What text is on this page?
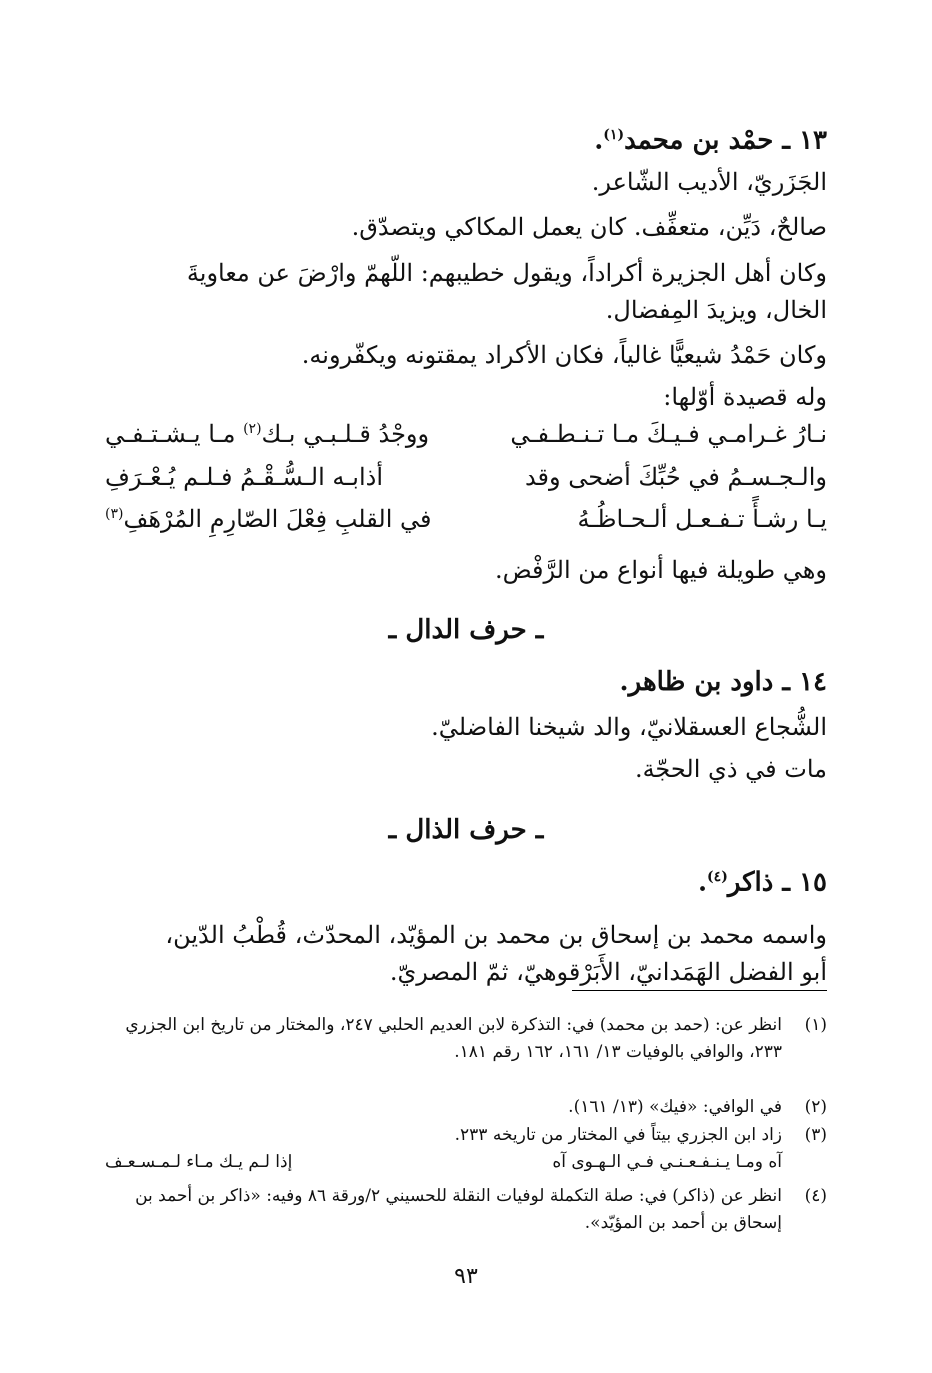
١٣ ـ حمْد بن محمد$^{(١)}$.
الجَزَريّ، الأديب الشّاعر.
صالحٌ، دَيِّن، متعفِّف. كان يعمل المكاكي ويتصدّق.
وكان أهل الجزيرة أكراداً، ويقول خطيبهم: اللّهمّ وارْضَ عن معاويةَ
الخال، ويزيدَ المِفضال.
وكان حَمْدُ شيعيًّا غالياً، فكان الأكراد يمقتونه ويكفّرونه.
وله قصيدة أوّلها:
نـارُ غـرامـي فـيـكَ مـا تـنـطـفـي
ووجْدُ قـلـبـي بـك$^{(٢)}$ مـا يـشـتـفـي
والـجـسـمُ في حُبِّكَ أضحى وقد
أذابـه الـسُّـقْـمُ فـلـم يُـعْـرَفِ
يـا رشـأً تـفـعـل ألـحـاظُـهُ
في القلبِ فِعْلَ الصّارِمِ المُرْهَفِ$^{(٣)}$
وهي طويلة فيها أنواع من الرَّفْض.
ـ حرف الدال ـ
١٤ ـ داود بن ظاهر.
الشُّجاع العسقلانيّ، والد شيخنا الفاضليّ.
مات في ذي الحجّة.
ـ حرف الذال ـ
١٥ ـ ذاكر$^{(٤)}$.
واسمه محمد بن إسحاق بن محمد بن المؤيّد، المحدّث، قُطْبُ الدّين،
أبو الفضل الهَمَدانيّ، الأَبَرْقوهيّ، ثمّ المصريّ.
(١)
انظر عن: (حمد بن محمد) في: التذكرة لابن العديم الحلبي ٢٤٧، والمختار من تاريخ ابن الجزري ٢٣٣، والوافي بالوفيات ١٣/ ١٦١، ١٦٢ رقم ١٨١.
(٢)
في الوافي: «فيك» (١٣/ ١٦١).
(٣)
زاد ابن الجزري بيتاً في المختار من تاريخه ٢٣٣.
آه ومـا يـنـفـعـنـي فـي الـهـوى آه
إذا لـم يـك مـاء لـمـسـعـف
(٤)
انظر عن (ذاكر) في: صلة التكملة لوفيات النقلة للحسيني ٢/ورقة ٨٦ وفيه: «ذاكر بن أحمد بن إسحاق بن أحمد بن المؤيّد».
٩٣
